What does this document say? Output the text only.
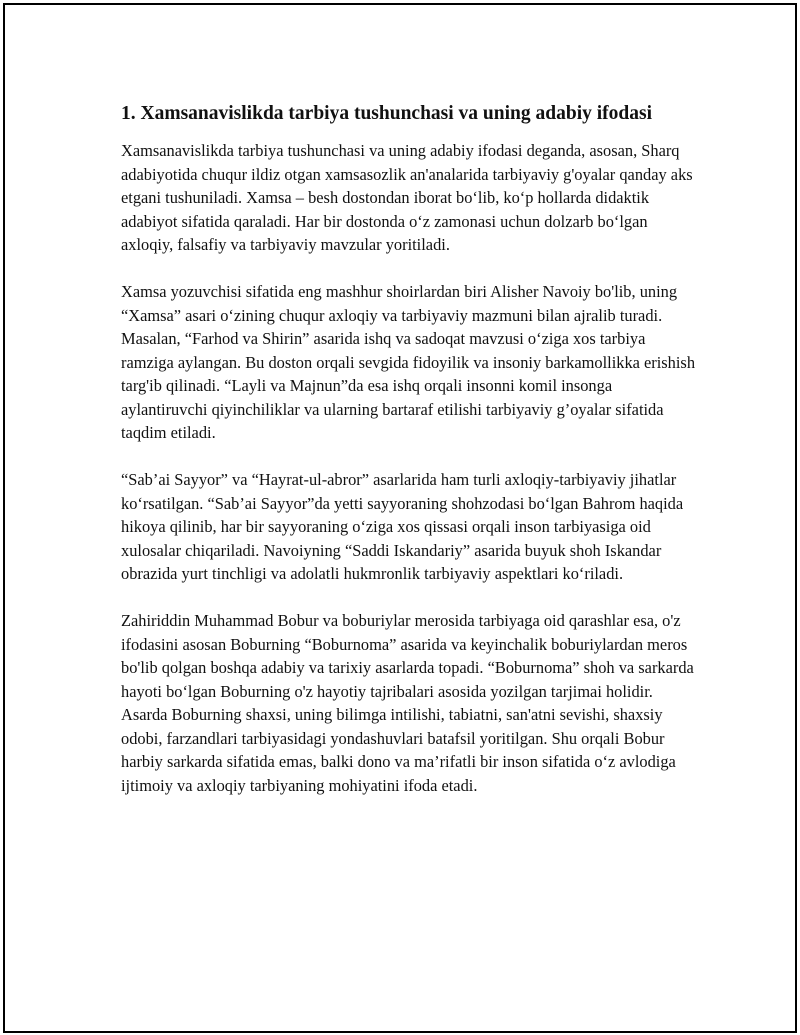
1. Xamsanavislikda tarbiya tushunchasi va uning adabiy ifodasi

Xamsanavislikda tarbiya tushunchasi va uning adabiy ifodasi deganda, asosan, Sharq adabiyotida chuqur ildiz otgan xamsasozlik an'analarida tarbiyaviy g'oyalar qanday aks etgani tushuniladi. Xamsa – besh dostondan iborat bo‘lib, ko‘p hollarda didaktik adabiyot sifatida qaraladi. Har bir dostonda o‘z zamonasi uchun dolzarb bo‘lgan axloqiy, falsafiy va tarbiyaviy mavzular yoritiladi.

Xamsa yozuvchisi sifatida eng mashhur shoirlardan biri Alisher Navoiy bo'lib, uning “Xamsa” asari o‘zining chuqur axloqiy va tarbiyaviy mazmuni bilan ajralib turadi. Masalan, “Farhod va Shirin” asarida ishq va sadoqat mavzusi o‘ziga xos tarbiya ramziga aylangan. Bu doston orqali sevgida fidoyilik va insoniy barkamollikka erishish targ'ib qilinadi. “Layli va Majnun”da esa ishq orqali insonni komil insonga aylantiruvchi qiyinchiliklar va ularning bartaraf etilishi tarbiyaviy g’oyalar sifatida taqdim etiladi.

“Sab’ai Sayyor” va “Hayrat-ul-abror” asarlarida ham turli axloqiy-tarbiyaviy jihatlar ko‘rsatilgan. “Sab’ai Sayyor”da yetti sayyoraning shohzodasi bo‘lgan Bahrom haqida hikoya qilinib, har bir sayyoraning o‘ziga xos qissasi orqali inson tarbiyasiga oid xulosalar chiqariladi. Navoiyning “Saddi Iskandariy” asarida buyuk shoh Iskandar obrazida yurt tinchligi va adolatli hukmronlik tarbiyaviy aspektlari ko‘riladi.

Zahiriddin Muhammad Bobur va boburiylar merosida tarbiyaga oid qarashlar esa, o'z ifodasini asosan Boburning “Boburnoma” asarida va keyinchalik boburiylardan meros bo'lib qolgan boshqa adabiy va tarixiy asarlarda topadi. “Boburnoma” shoh va sarkarda hayoti bo‘lgan Boburning o'z hayotiy tajribalari asosida yozilgan tarjimai holidir. Asarda Boburning shaxsi, uning bilimga intilishi, tabiatni, san'atni sevishi, shaxsiy odobi, farzandlari tarbiyasidagi yondashuvlari batafsil yoritilgan. Shu orqali Bobur harbiy sarkarda sifatida emas, balki dono va ma’rifatli bir inson sifatida o‘z avlodiga ijtimoiy va axloqiy tarbiyaning mohiyatini ifoda etadi.
